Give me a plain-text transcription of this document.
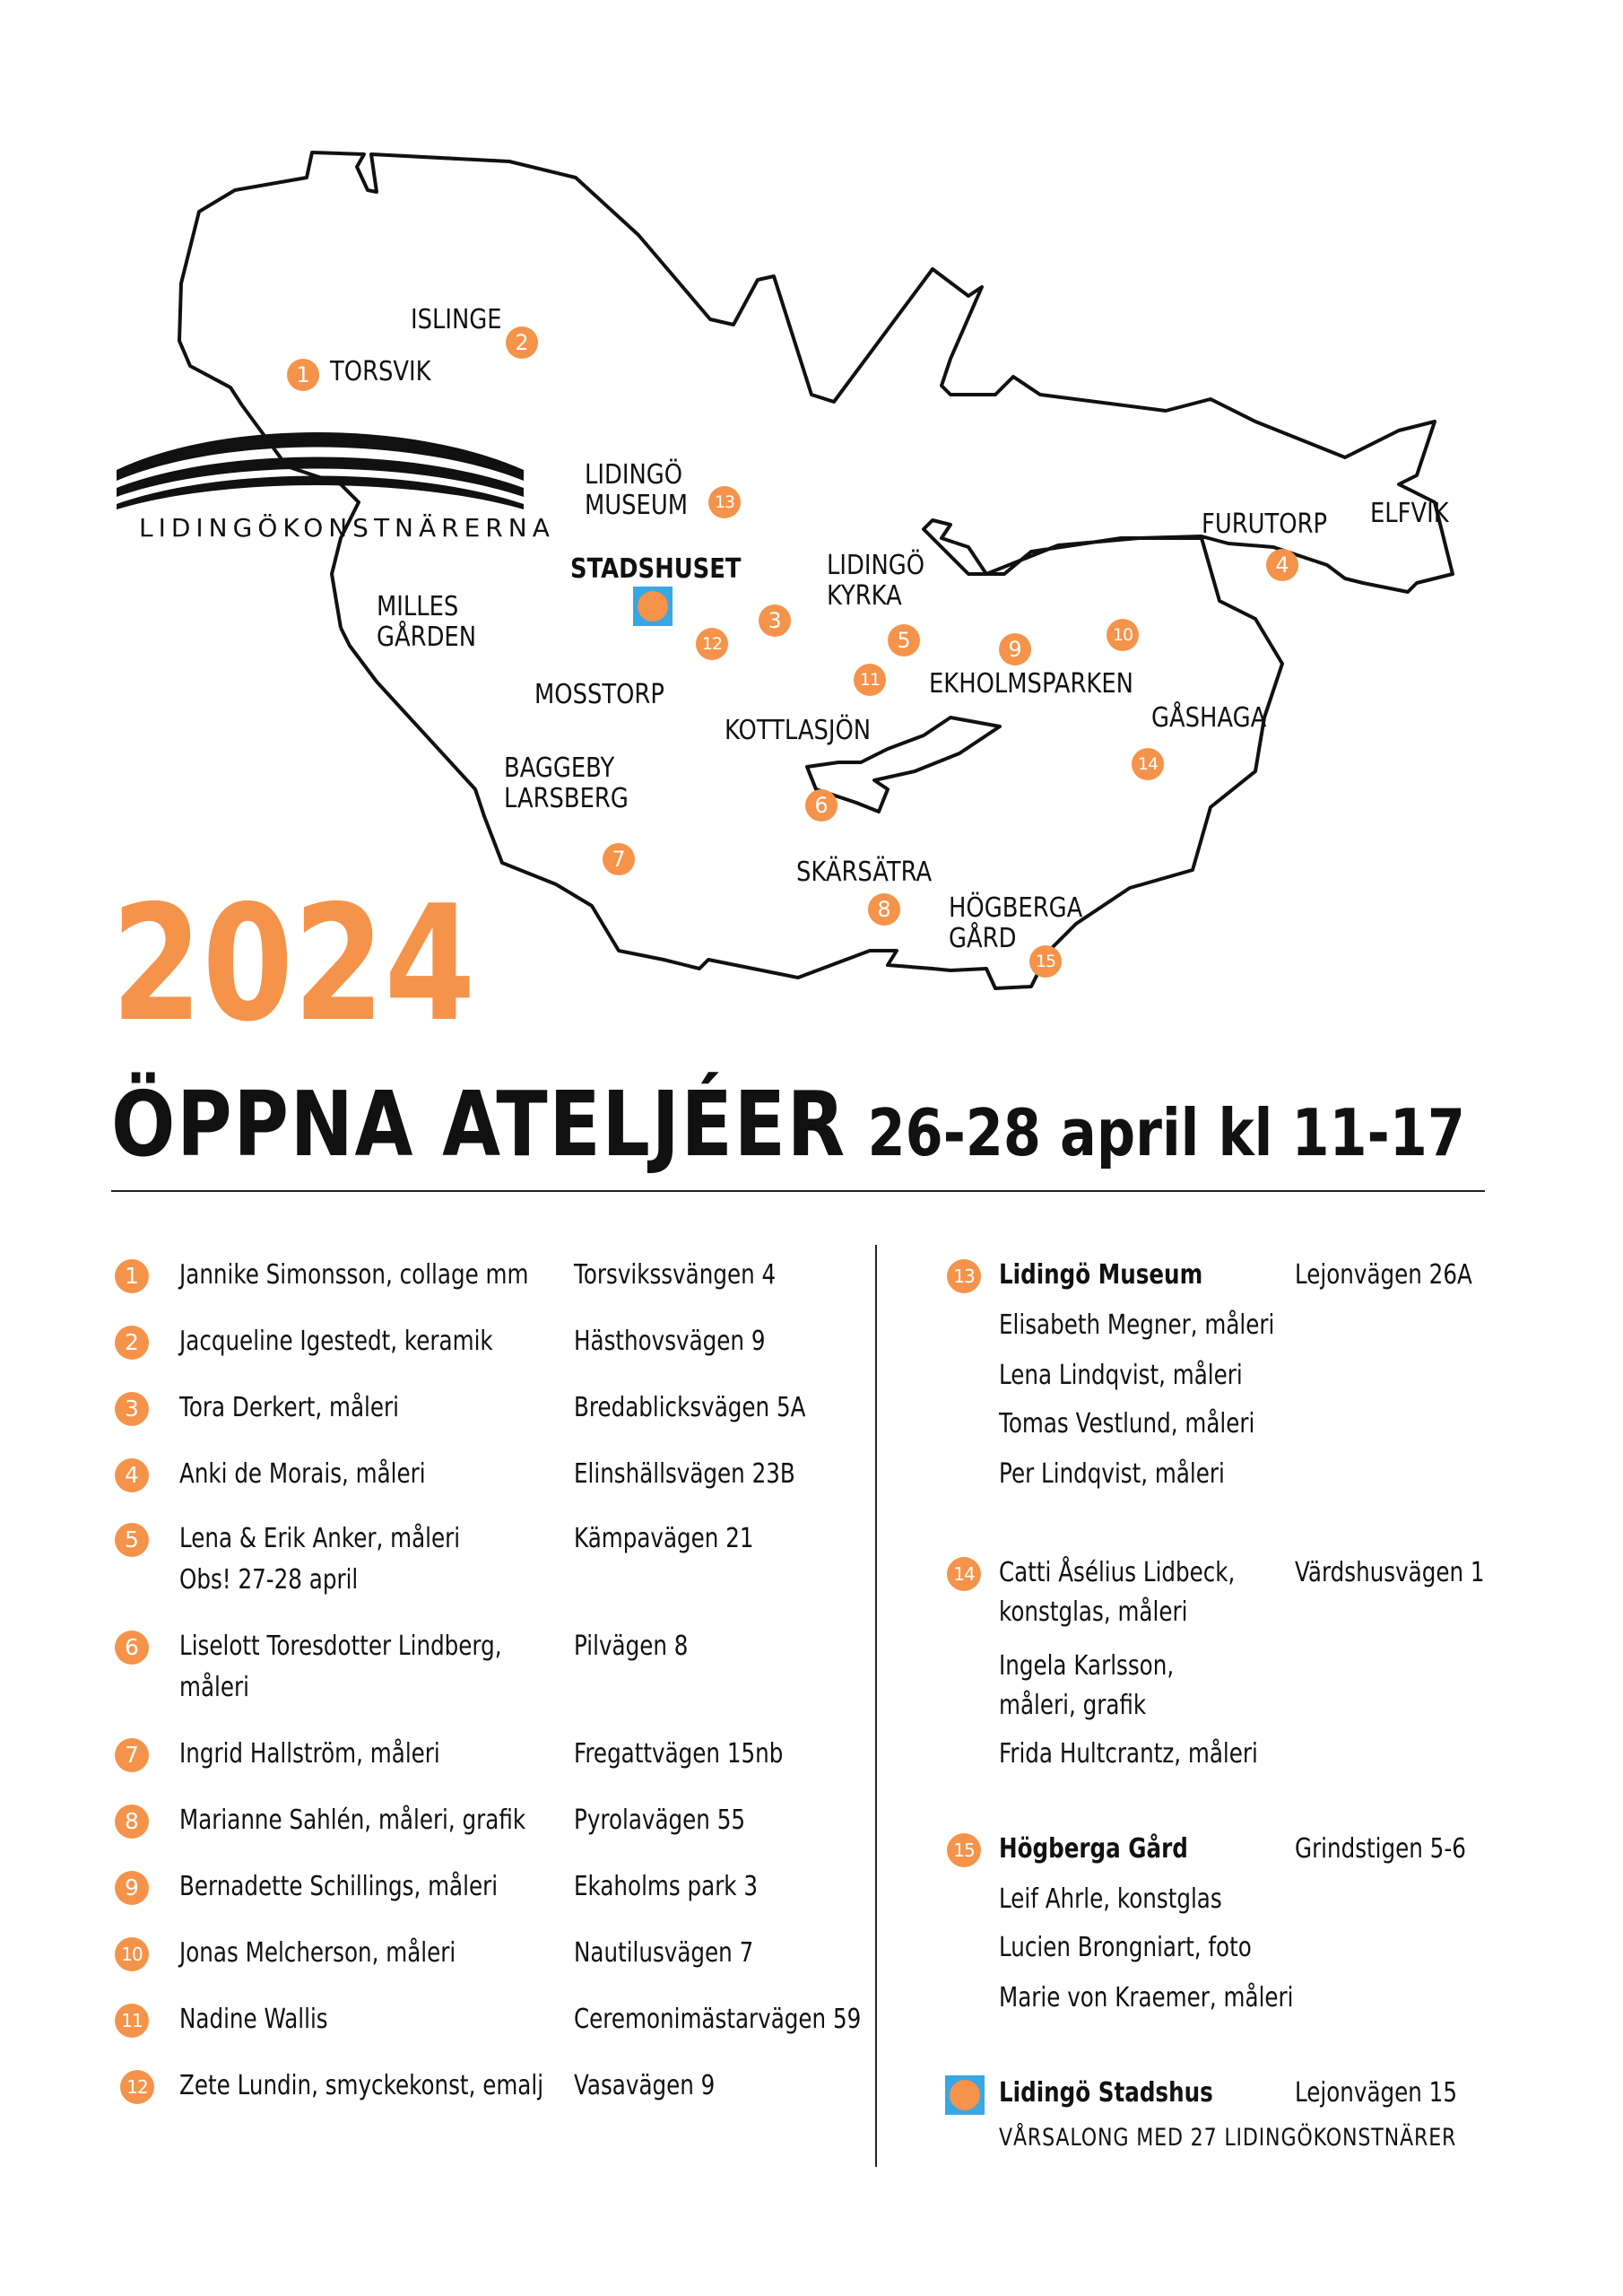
ISLINGE
TORSVIK
LIDINGÖ
MUSEUM
STADSHUSET	LIDINGÖ
KYRKA
FURUTORP ELFVIK
MILLES
GÅRDEN
MOSSTORP	EKHOLMSPARKEN
GÅSHAGA
KOTTLASJÖN
BAGGEBY
LARSBERG
SKÄRSÄTRA
HÖGBERGA
GÅRD
1
2
3
4
5
6
7
8
9
10
11
12
13
14
15
LIDINGÖKONSTNÄRERNA
2024
ÖPPNA ATELJÉER 26-28 april kl 11-17
1	Jannike Simonsson, collage mm Torsvikssvängen 4
2	Jacqueline Igestedt, keramik	Hästhovsvägen 9
3	Tora Derkert, måleri	Bredablicksvägen 5A
4	Anki de Morais, måleri	Elinshällsvägen 23B
5	Lena & Erik Anker, måleri
Obs! 27-28 april
Kämpavägen 21
6	Liselott Toresdotter Lindberg,
måleri
Pilvägen 8
7	Ingrid Hallström, måleri	Fregattvägen 15nb
8	Marianne Sahlén, måleri, grafik Pyrolavägen 55
9	Bernadette Schillings, måleri	Ekaholms park 3
10 Jonas Melcherson, måleri	Nautilusvägen 7
11 Nadine Wallis	Ceremonimästarvägen 59
12 Zete Lundin, smyckekonst, emalj Vasavägen 9
13 Lidingö Museum	Lejonvägen 26A
Elisabeth Megner, måleri
Lena Lindqvist, måleri
Tomas Vestlund, måleri
Per Lindqvist, måleri
14 Catti Åsélius Lidbeck,
konstglas, måleri
Värdshusvägen 1
Ingela Karlsson,
måleri, grafik
Frida Hultcrantz, måleri
15 Högberga Gård	Grindstigen 5-6
Leif Ahrle, konstglas
Lucien Brongniart, foto
Marie von Kraemer, måleri
Lidingö Stadshus	Lejonvägen 15
VÅRSALONG MED 27 LIDINGÖKONSTNÄRER
